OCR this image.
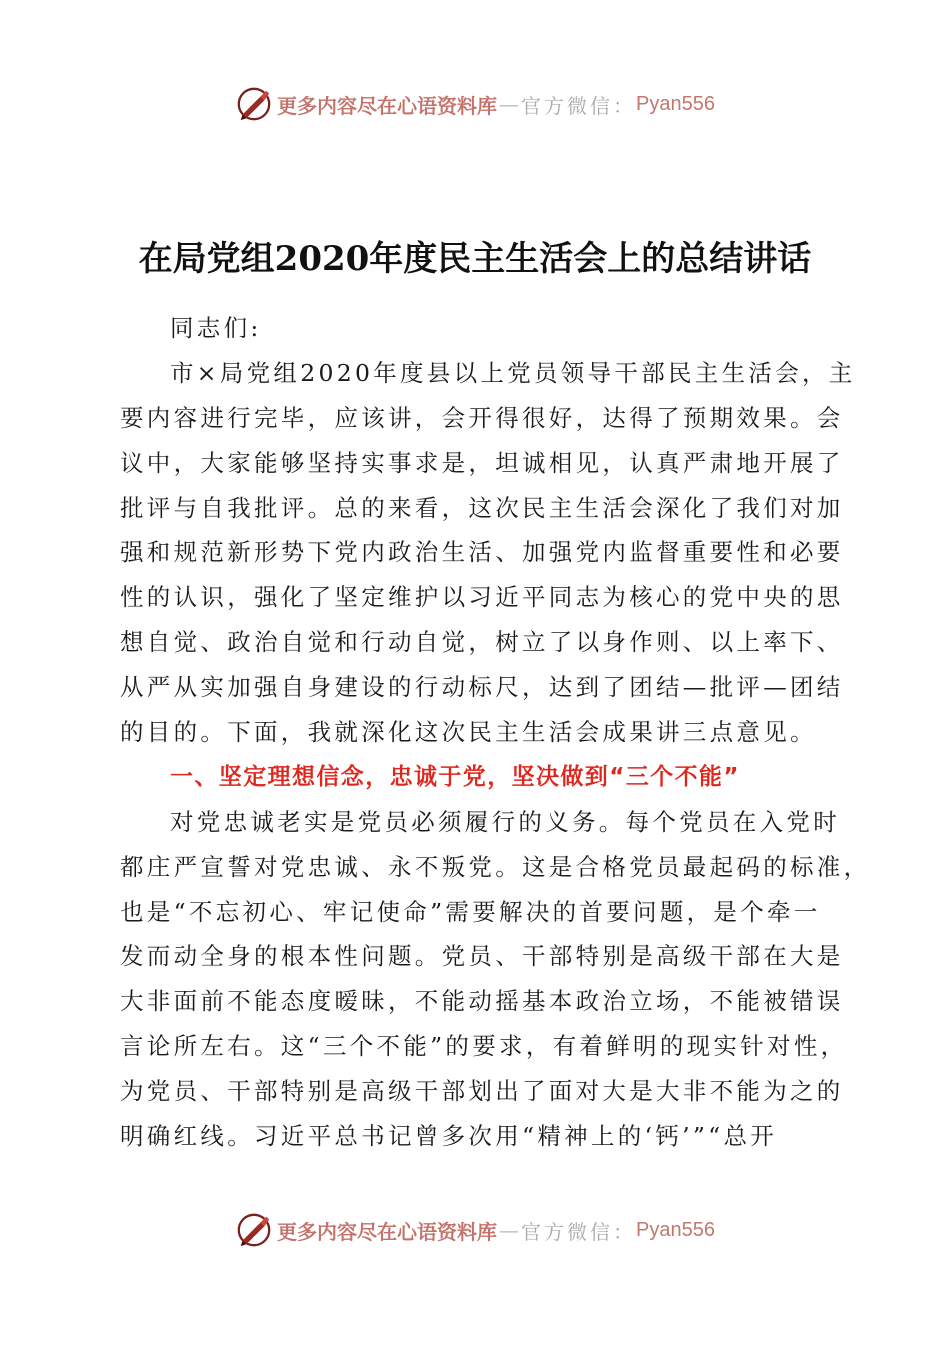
更多内容尽在心语资料库 — 官方微信： Pyan556
在局党组2020年度民主生活会上的总结讲话
同志们:
市×局党组2020年度县以上党员领导干部民主生活会，主
要内容进行完毕，应该讲，会开得很好，达得了预期效果。会
议中，大家能够坚持实事求是，坦诚相见，认真严肃地开展了
批评与自我批评。总的来看，这次民主生活会深化了我们对加
强和规范新形势下党内政治生活、加强党内监督重要性和必要
性的认识，强化了坚定维护以习近平同志为核心的党中央的思
想自觉、政治自觉和行动自觉，树立了以身作则、以上率下、
从严从实加强自身建设的行动标尺，达到了团结—批评—团结
的目的。下面，我就深化这次民主生活会成果讲三点意见。
一、坚定理想信念，忠诚于党，坚决做到“三个不能”
对党忠诚老实是党员必须履行的义务。每个党员在入党时
都庄严宣誓对党忠诚、永不叛党。这是合格党员最起码的标准，
也是“不忘初心、牢记使命”需要解决的首要问题，是个牵一
发而动全身的根本性问题。党员、干部特别是高级干部在大是
大非面前不能态度暧昧，不能动摇基本政治立场，不能被错误
言论所左右。这“三个不能”的要求，有着鲜明的现实针对性，
为党员、干部特别是高级干部划出了面对大是大非不能为之的
明确红线。习近平总书记曾多次用“精神上的‘钙’”“总开
更多内容尽在心语资料库 — 官方微信： Pyan556
